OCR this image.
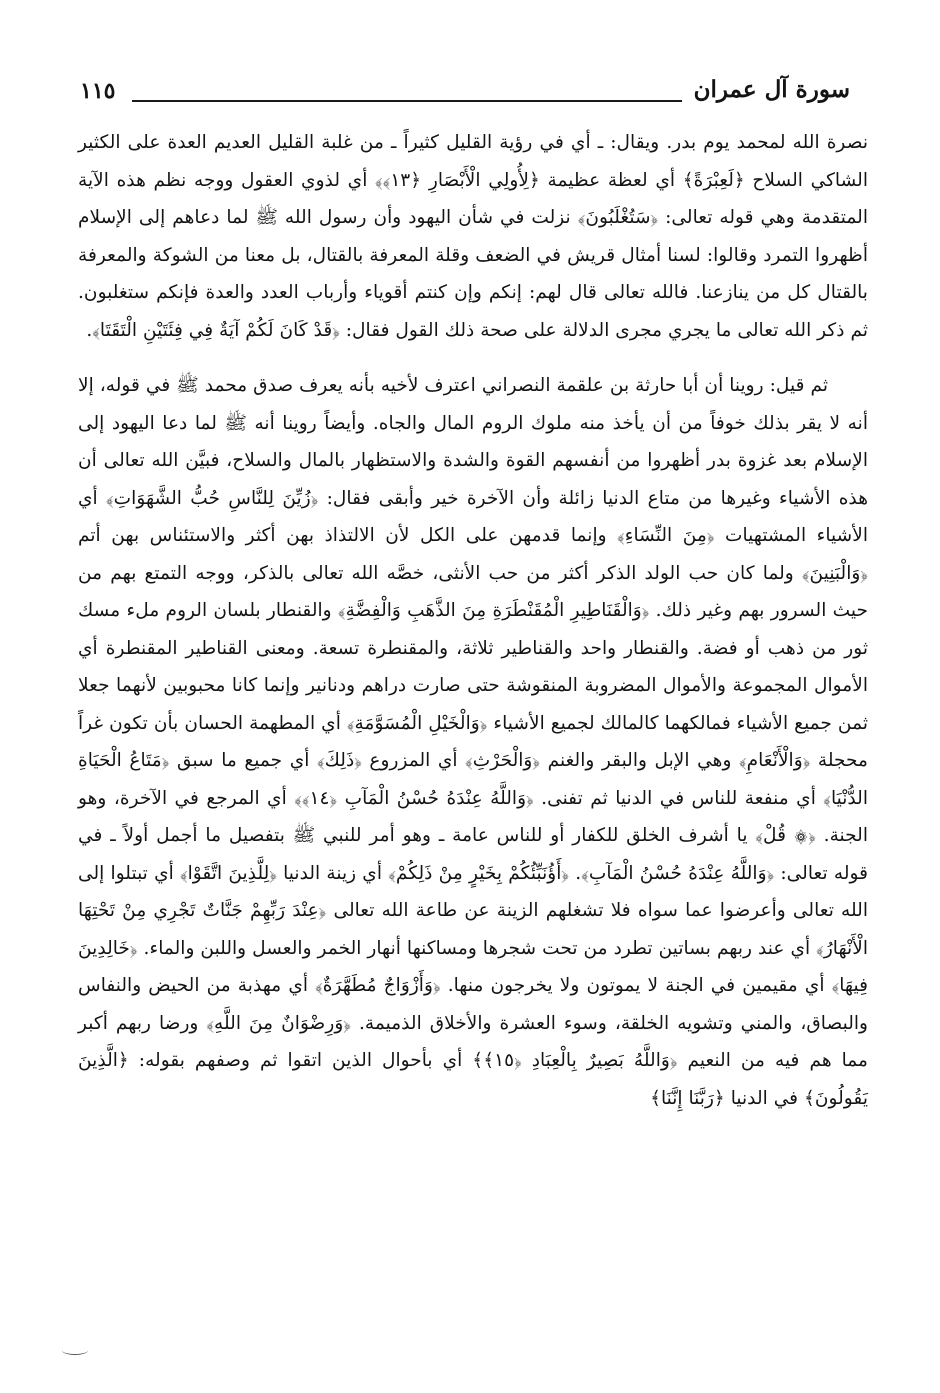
سورة آل عمران
١١٥

نصرة الله لمحمد يوم بدر. ويقال: ـ أي في رؤية القليل كثيراً ـ من غلبة القليل العديم العدة على الكثير الشاكي السلاح ﴿لَعِبْرَةً﴾ أي لعظة عظيمة ﴿لِأُولِي الْأَبْصَارِ ﴿١٣﴾﴾ أي لذوي العقول ووجه نظم هذه الآية المتقدمة وهي قوله تعالى: ﴿سَتُغْلَبُونَ﴾ نزلت في شأن اليهود وأن رسول الله ﷺ لما دعاهم إلى الإسلام أظهروا التمرد وقالوا: لسنا أمثال قريش في الضعف وقلة المعرفة بالقتال، بل معنا من الشوكة والمعرفة بالقتال كل من ينازعنا. فالله تعالى قال لهم: إنكم وإن كنتم أقوياء وأرباب العدد والعدة فإنكم ستغلبون. ثم ذكر الله تعالى ما يجري مجرى الدلالة على صحة ذلك القول فقال: ﴿قَدْ كَانَ لَكُمْ آيَةٌ فِي فِئَتَيْنِ الْتَقَتَا﴾.

ثم قيل: روينا أن أبا حارثة بن علقمة النصراني اعترف لأخيه بأنه يعرف صدق محمد ﷺ في قوله، إلا أنه لا يقر بذلك خوفاً من أن يأخذ منه ملوك الروم المال والجاه. وأيضاً روينا أنه ﷺ لما دعا اليهود إلى الإسلام بعد غزوة بدر أظهروا من أنفسهم القوة والشدة والاستظهار بالمال والسلاح، فبيَّن الله تعالى أن هذه الأشياء وغيرها من متاع الدنيا زائلة وأن الآخرة خير وأبقى فقال: ﴿زُيِّنَ لِلنَّاسِ حُبُّ الشَّهَوَاتِ﴾ أي الأشياء المشتهيات ﴿مِنَ النِّسَاءِ﴾ وإنما قدمهن على الكل لأن الالتذاذ بهن أكثر والاستئناس بهن أتم ﴿وَالْبَنِينَ﴾ ولما كان حب الولد الذكر أكثر من حب الأنثى، خصَّه الله تعالى بالذكر، ووجه التمتع بهم من حيث السرور بهم وغير ذلك. ﴿وَالْقَنَاطِيرِ الْمُقَنْطَرَةِ مِنَ الذَّهَبِ وَالْفِضَّةِ﴾ والقنطار بلسان الروم ملء مسك ثور من ذهب أو فضة. والقنطار واحد والقناطير ثلاثة، والمقنطرة تسعة. ومعنى القناطير المقنطرة أي الأموال المجموعة والأموال المضروبة المنقوشة حتى صارت دراهم ودنانير وإنما كانا محبوبين لأنهما جعلا ثمن جميع الأشياء فمالكهما كالمالك لجميع الأشياء ﴿وَالْخَيْلِ الْمُسَوَّمَةِ﴾ أي المطهمة الحسان بأن تكون غراً محجلة ﴿وَالْأَنْعَامِ﴾ وهي الإبل والبقر والغنم ﴿وَالْحَرْثِ﴾ أي المزروع ﴿ذَلِكَ﴾ أي جميع ما سبق ﴿مَتَاعُ الْحَيَاةِ الدُّنْيَا﴾ أي منفعة للناس في الدنيا ثم تفنى. ﴿وَاللَّهُ عِنْدَهُ حُسْنُ الْمَآبِ ﴿١٤﴾﴾ أي المرجع في الآخرة، وهو الجنة. ﴿۞ قُلْ﴾ يا أشرف الخلق للكفار أو للناس عامة ـ وهو أمر للنبي ﷺ بتفصيل ما أجمل أولاً ـ في قوله تعالى: ﴿وَاللَّهُ عِنْدَهُ حُسْنُ الْمَآبِ﴾. ﴿أَؤُنَبِّئُكُمْ بِخَيْرٍ مِنْ ذَلِكُمْ﴾ أي زينة الدنيا ﴿لِلَّذِينَ اتَّقَوْا﴾ أي تبتلوا إلى الله تعالى وأعرضوا عما سواه فلا تشغلهم الزينة عن طاعة الله تعالى ﴿عِنْدَ رَبِّهِمْ جَنَّاتٌ تَجْرِي مِنْ تَحْتِهَا الْأَنْهَارُ﴾ أي عند ربهم بساتين تطرد من تحت شجرها ومساكنها أنهار الخمر والعسل واللبن والماء. ﴿خَالِدِينَ فِيهَا﴾ أي مقيمين في الجنة لا يموتون ولا يخرجون منها. ﴿وَأَزْوَاجٌ مُطَهَّرَةٌ﴾ أي مهذبة من الحيض والنفاس والبصاق، والمني وتشويه الخلقة، وسوء العشرة والأخلاق الذميمة. ﴿وَرِضْوَانٌ مِنَ اللَّهِ﴾ ورضا ربهم أكبر مما هم فيه من النعيم ﴿وَاللَّهُ بَصِيرٌ بِالْعِبَادِ ﴿١٥﴾﴾ أي بأحوال الذين اتقوا ثم وصفهم بقوله: ﴿الَّذِينَ يَقُولُونَ﴾ في الدنيا ﴿رَبَّنَا إِنَّنَا﴾
